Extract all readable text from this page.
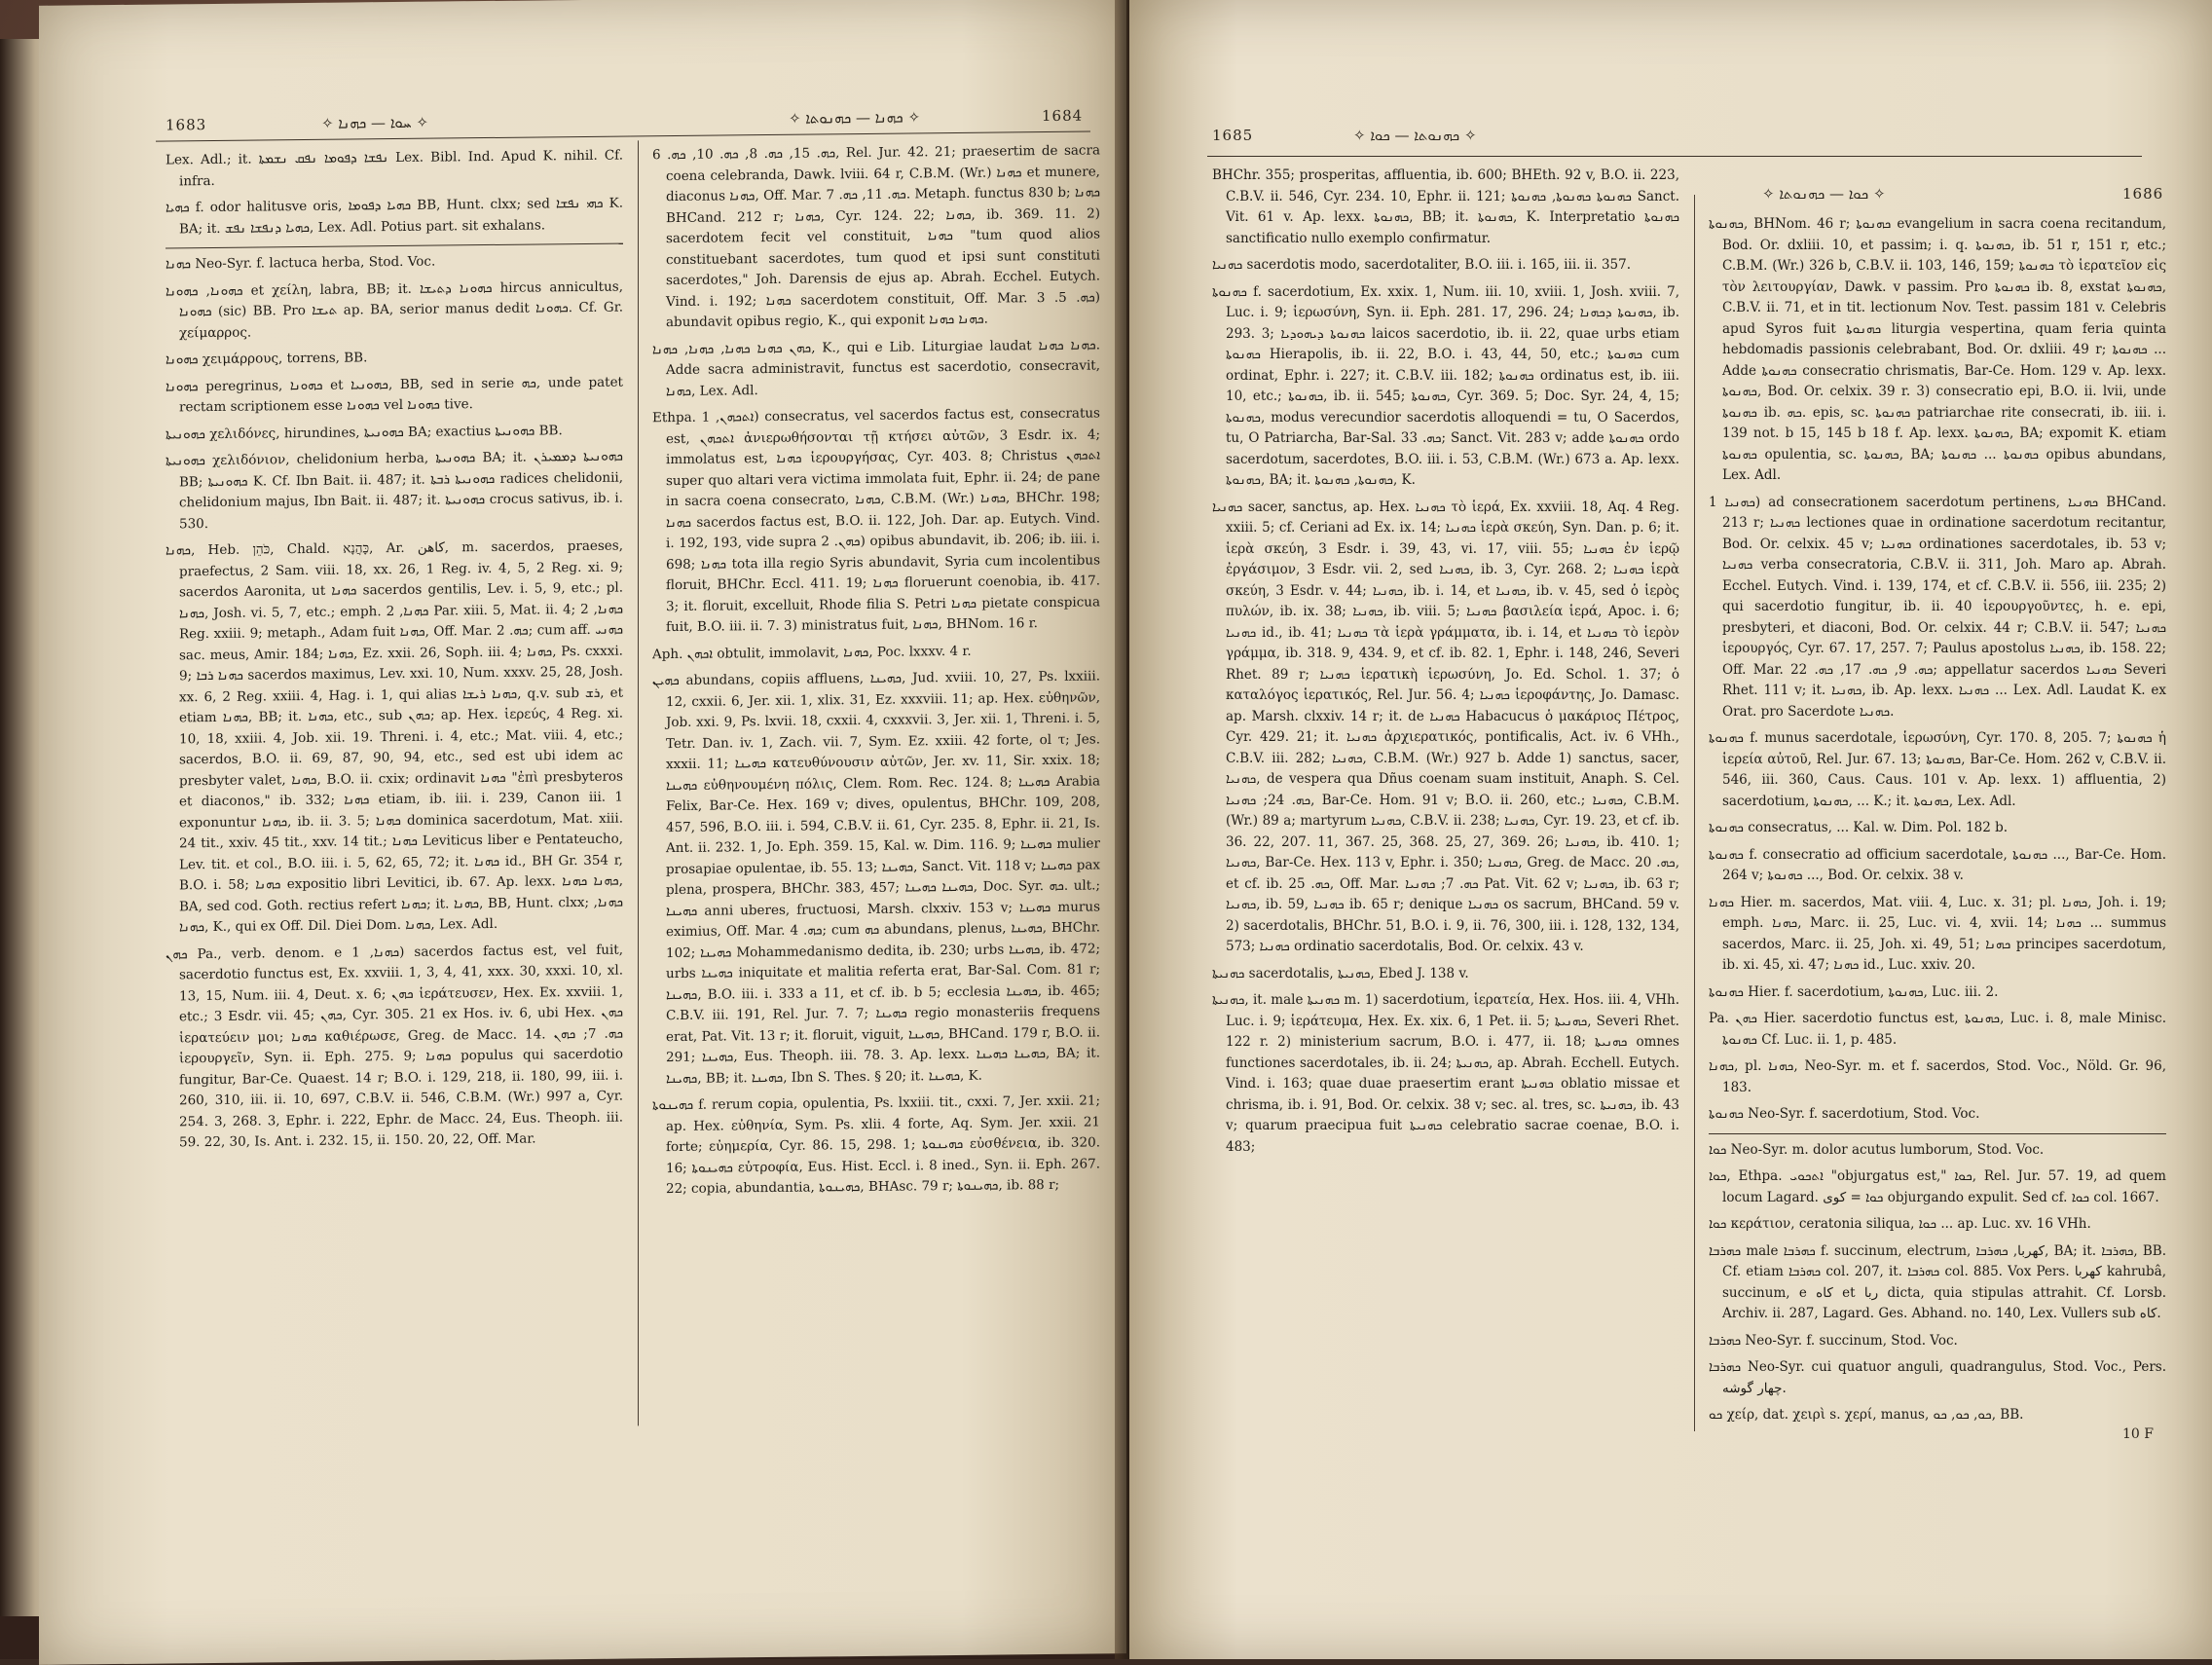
1683	✧ ܚܘܐ — ܟܗܢܐ ✧	✧ ܟܗܢܐ — ܟܗܢܘܬܐ ✧	1684

Lex. Adl.; it. ܢܦܫܐ ܕܦܘܡܐ ܢܦܩ ܢܫܡܬܐ Lex. Bibl. Ind. Apud K. nihil. Cf. infra.

ܟܗܝܐ f. odor halitusve oris, ܟܗܝܐ ܕܦܘܡܐ BB, Hunt. clxx; sed ܟܗܝ ܢܦܫܐ K. BA; it. ܟܗܝܐ ܕܢܦܫܐ ܢܦܫ, Lex. Adl. Potius part. sit exhalans.

ܟܗܢܐ Neo-Syr. f. lactuca herba, Stod. Voc.

ܟܗܘܢܐ, ܟܗܘܢܐ et χείλη, labra, BB; it. ܟܗܘܢܐ ܕܬܝܫܐ hircus annicultus, ܟܗܘܢܐ (sic) BB. Pro ܬܝܫܐ ap. BA, serior manus dedit ܟܗܘܢܐ. Cf. Gr. χείμαρρος.

ܟܗܘܢܐ χειμάρρους, torrens, BB.

ܟܗܘܢܐ peregrinus, ܟܗܘܢܐ et ܟܗܘܢܝܐ, BB, sed in serie ܟܗ, unde patet rectam scriptionem esse ܟܗܘܢܐ vel ܟܗܘܢܐ tive.

ܟܗܘܢܝܬܐ χελιδόνες, hirundines, ܟܗܘܢܝܬܐ BA; exactius ܟܗܘܢܝܬܐ BB.

ܟܗܘܢܝܬܐ χελιδόνιον, chelidonium herba, ܟܗܘܢܝܬܐ BA; it. ܟܗܘܢܝܬܐ ܕܡܡܝܪܢ BB; ܟܗܘܢܝܬܐ K. Cf. Ibn Bait. ii. 487; it. ܟܗܘܢܝܬܐ ܪܒܬܐ radices chelidonii, chelidonium majus, Ibn Bait. ii. 487; it. ܟܗܘܢܝܬܐ crocus sativus, ib. i. 530.

ܟܗܢܐ, Heb. כֹּהֵן, Chald. כָּהֲנָא, Ar. كاهن, m. sacerdos, praeses, praefectus, 2 Sam. viii. 18, xx. 26, 1 Reg. iv. 4, 5, 2 Reg. xi. 9; sacerdos Aaronita, ut ܟܗܢܐ sacerdos gentilis, Lev. i. 5, 9, etc.; pl. ܟܗܢܐ, Josh. vi. 5, 7, etc.; emph. ܟܗܢܐ, 2 Par. xiii. 5, Mat. ii. 4; ܟܗܢܐ, 2 Reg. xxiii. 9; metaph., Adam fuit ܟܗܢܐ, Off. Mar. ܟܗ. 2; cum aff. ܟܗܢܝ sac. meus, Amir. 184; ܟܗܢܐ, Ez. xxii. 26, Soph. iii. 4; ܟܗܢܐ, Ps. cxxxi. 9; ܟܗܢܐ ܪܒܐ sacerdos maximus, Lev. xxi. 10, Num. xxxv. 25, 28, Josh. xx. 6, 2 Reg. xxiii. 4, Hag. i. 1, qui alias ܟܗܢܐ ܪܝܫܐ, q.v. sub ܪܫ, et etiam ܟܗܢܐ, BB; it. ܟܗܢܐ, etc., sub ܟܗܢ; ap. Hex. ἱερεύς, 4 Reg. xi. 10, 18, xxiii. 4, Job. xii. 19. Threni. i. 4, etc.; Mat. viii. 4, etc.; sacerdos, B.O. ii. 69, 87, 90, 94, etc., sed est ubi idem ac presbyter valet, ܟܗܢܐ, B.O. ii. cxix; ordinavit ܟܗܢܐ "ἐπὶ presbyteros et diaconos," ib. 332; ܟܗܢܐ etiam, ib. iii. i. 239, Canon iii. 1 exponuntur ܟܗܢܐ, ib. ii. 3. 5; ܟܗܢܐ dominica sacerdotum, Mat. xiii. 24 tit., xxiv. 45 tit., xxv. 14 tit.; ܟܗܢܐ Leviticus liber e Pentateucho, Lev. tit. et col., B.O. iii. i. 5, 62, 65, 72; it. ܟܗܢܐ id., BH Gr. 354 r, B.O. i. 58; ܟܗܢܐ expositio libri Levitici, ib. 67. Ap. lexx. ܟܗܢܐ ܟܗܢܐ, BA, sed cod. Goth. rectius refert ܟܗܢܐ; it. ܟܗܢܐ, BB, Hunt. clxx; ܟܗܢܐ, ܟܗܢܐ, K., qui ex Off. Dil. Diei Dom. ܟܗܢܐ, Lex. Adl.

ܟܗܢ Pa., verb. denom. e ܟܗܢܐ, 1) sacerdos factus est, vel fuit, sacerdotio functus est, Ex. xxviii. 1, 3, 4, 41, xxx. 30, xxxi. 10, xl. 13, 15, Num. iii. 4, Deut. x. 6; ܟܗܢ ἱεράτευσεν, Hex. Ex. xxviii. 1, etc.; 3 Esdr. vii. 45; ܟܗܢ, Cyr. 305. 21 ex Hos. iv. 6, ubi Hex. ܟܗܢ ἱερατεύειν μοι; ܟܗܢܐ καθιέρωσε, Greg. de Macc. 14. ܟܗ. 7; ܟܗܢ ἱερουργεῖν, Syn. ii. Eph. 275. 9; ܟܗܢܐ populus qui sacerdotio fungitur, Bar-Ce. Quaest. 14 r; B.O. i. 129, 218, ii. 180, 99, iii. i. 260, 310, iii. ii. 10, 697, C.B.V. ii. 546, C.B.M. (Wr.) 997 a, Cyr. 254. 3, 268. 3, Ephr. i. 222, Ephr. de Macc. 24, Eus. Theoph. iii. 59. 22, 30, Is. Ant. i. 232. 15, ii. 150. 20, 22, Off. Mar.

ܟܗ. 15, ܟܗ. 8, ܟܗ. 10, ܟܗ. 6, Rel. Jur. 42. 21; praesertim de sacra coena celebranda, Dawk. lviii. 64 r, C.B.M. (Wr.) ܟܗܢܐ et munere, diaconus ܟܗܢܐ, Off. Mar. ܟܗ. 11, ܟܗ. 7. Metaph. functus 830 b; ܟܗܢܐ BHCand. 212 r; ܟܗܢܐ, Cyr. 124. 22; ܟܗܢܐ, ib. 369. 11. 2) sacerdotem fecit vel constituit, ܟܗܢܐ "tum quod alios constituebant sacerdotes, tum quod et ipsi sunt constituti sacerdotes," Joh. Darensis de ejus ap. Abrah. Ecchel. Eutych. Vind. i. 192; ܟܗܢܐ sacerdotem constituit, Off. Mar. ܟܗ. 5. 3) abundavit opibus regio, K., qui exponit ܟܗܢܐ ܟܗܢܐ.

ܟܗܢ ܟܗܢܐ ܟܗܢܐ, ܟܗܢܐ, ܟܗܢܐ, K., qui e Lib. Liturgiae laudat ܟܗܢܐ ܟܗܢܐ. Adde sacra administravit, functus est sacerdotio, consecravit, ܟܗܢܐ, Lex. Adl.

Ethpa. ܐܬܟܗܢ, 1) consecratus, vel sacerdos factus est, consecratus est, ܐܬܟܗܢ ἀνιερωθήσονται τῇ κτήσει αὐτῶν, 3 Esdr. ix. 4; immolatus est, ܟܗܢܐ ἱερουργήσας, Cyr. 403. 8; Christus ܐܬܟܗܢ super quo altari vera victima immolata fuit, Ephr. ii. 24; de pane in sacra coena consecrato, ܟܗܢܐ, C.B.M. (Wr.) ܟܗܢܐ, BHChr. 198; ܟܗܢܐ sacerdos factus est, B.O. ii. 122, Joh. Dar. ap. Eutych. Vind. i. 192, 193, vide supra ܟܗܢ. 2) opibus abundavit, ib. 206; ib. iii. i. 698; ܟܗܢܐ tota illa regio Syris abundavit, Syria cum incolentibus floruit, BHChr. Eccl. 411. 19; ܟܗܢܐ floruerunt coenobia, ib. 417. 3; it. floruit, excelluit, Rhode filia S. Petri ܟܗܢܐ pietate conspicua fuit, B.O. iii. ii. 7. 3) ministratus fuit, ܟܗܢܐ, BHNom. 16 r.

Aph. ܐܟܗܢ obtulit, immolavit, ܟܗܢܐ, Poc. lxxxv. 4 r.

ܟܗܝܢ abundans, copiis affluens, ܟܗܝܢܐ, Jud. xviii. 10, 27, Ps. lxxiii. 12, cxxii. 6, Jer. xii. 1, xlix. 31, Ez. xxxviii. 11; ap. Hex. εὐθηνῶν, Job. xxi. 9, Ps. lxvii. 18, cxxii. 4, cxxxvii. 3, Jer. xii. 1, Threni. i. 5, Tetr. Dan. iv. 1, Zach. vii. 7, Sym. Ez. xxiii. 42 forte, ol τ; Jes. xxxii. 11; ܟܗܝܢܐ κατευθύνουσιν αὐτῶν, Jer. xv. 11, Sir. xxix. 18; ܟܗܝܢܐ εὐθηνουμένη πόλις, Clem. Rom. Rec. 124. 8; ܟܗܝܢܐ Arabia Felix, Bar-Ce. Hex. 169 v; dives, opulentus, BHChr. 109, 208, 457, 596, B.O. iii. i. 594, C.B.V. ii. 61, Cyr. 235. 8, Ephr. ii. 21, Is. Ant. ii. 232. 1, Jo. Eph. 359. 15, Kal. w. Dim. 116. 9; ܟܗܝܢܐ mulier prosapiae opulentae, ib. 55. 13; ܟܗܝܢܐ, Sanct. Vit. 118 v; ܟܗܝܢܐ pax plena, prospera, BHChr. 383, 457; ܟܗܝܢܐ ܟܗܝܢܐ, Doc. Syr. ܟܗ. ult.; ܟܗܝܢܐ anni uberes, fructuosi, Marsh. clxxiv. 153 v; ܟܗܝܢܐ murus eximius, Off. Mar. ܟܗ. 4; cum ܟܗ abundans, plenus, ܟܗܝܢܐ, BHChr. 102; ܟܗܝܢܐ Mohammedanismo dedita, ib. 230; urbs ܟܗܝܢܐ, ib. 472; urbs ܟܗܝܢܐ iniquitate et malitia referta erat, Bar-Sal. Com. 81 r; ܟܗܝܢܐ, B.O. iii. i. 333 a 11, et cf. ib. b 5; ecclesia ܟܗܝܢܐ, ib. 465; C.B.V. iii. 191, Rel. Jur. 7. 7; ܟܗܝܢܐ regio monasteriis frequens erat, Pat. Vit. 13 r; it. floruit, viguit, ܟܗܝܢܐ, BHCand. 179 r, B.O. ii. 291; ܟܗܝܢܐ, Eus. Theoph. iii. 78. 3. Ap. lexx. ܟܗܝܢܐ ܟܗܝܢܐ, BA; it. ܟܗܝܢܐ, BB; it. ܟܗܝܢܐ, Ibn S. Thes. § 20; it. ܟܗܝܢܐ, K.

ܟܗܝܢܘܬܐ f. rerum copia, opulentia, Ps. lxxiii. tit., cxxi. 7, Jer. xxii. 21; ap. Hex. εὐθηνία, Sym. Ps. xlii. 4 forte, Aq. Sym. Jer. xxii. 21 forte; εὐημερία, Cyr. 86. 15, 298. 1; ܟܗܝܢܘܬܐ εὐσθένεια, ib. 320. 16; ܟܗܝܢܘܬܐ εὐτροφία, Eus. Hist. Eccl. i. 8 ined., Syn. ii. Eph. 267. 22; copia, abundantia, ܟܗܝܢܘܬܐ, BHAsc. 79 r; ܟܗܝܢܘܬܐ, ib. 88 r;

1685	✧ ܟܗܢܘܬܐ — ܟܘܐ ✧
✧ ܟܘܐ — ܟܗܢܘܬܐ ✧	1686

BHChr. 355; prosperitas, affluentia, ib. 600; BHEth. 92 v, B.O. ii. 223, C.B.V. ii. 546, Cyr. 234. 10, Ephr. ii. 121; ܟܗܢܘܬܐ ܟܗܢܘܬܐ, ܟܗܢܘܬܐ Sanct. Vit. 61 v. Ap. lexx. ܟܗܢܘܬܐ, BB; it. ܟܗܢܘܬܐ, K. Interpretatio ܟܗܢܘܬܐ sanctificatio nullo exemplo confirmatur.

ܟܗܢܝܐ sacerdotis modo, sacerdotaliter, B.O. iii. i. 165, iii. ii. 357.

ܟܗܢܘܬܐ f. sacerdotium, Ex. xxix. 1, Num. iii. 10, xviii. 1, Josh. xviii. 7, Luc. i. 9; ἱερωσύνη, Syn. ii. Eph. 281. 17, 296. 24; ܟܗܢܘܬܐ ܕܟܗܢܐ, ib. 293. 3; ܟܗܢܘܬܐ ܕܝܗܘܕܝܐ laicos sacerdotio, ib. ii. 22, quae urbs etiam ܟܗܢܘܬܐ Hierapolis, ib. ii. 22, B.O. i. 43, 44, 50, etc.; ܟܗܢܘܬܐ cum ordinat, Ephr. i. 227; it. C.B.V. iii. 182; ܟܗܢܘܬܐ ordinatus est, ib. iii. 10, etc.; ܟܗܢܘܬܐ, ib. ii. 545; ܟܗܢܘܬܐ, Cyr. 369. 5; Doc. Syr. 24, 4, 15; ܟܗܢܘܬܐ, modus verecundior sacerdotis alloquendi = tu, O Sacerdos, tu, O Patriarcha, Bar-Sal. ܟܗ. 33; Sanct. Vit. 283 v; adde ܟܗܢܘܬܐ ordo sacerdotum, sacerdotes, B.O. iii. i. 53, C.B.M. (Wr.) 673 a. Ap. lexx. ܟܗܢܘܬܐ, BA; it. ܟܗܢܘܬܐ, ܟܗܢܘܬܐ, K.

ܟܗܢܝܐ sacer, sanctus, ap. Hex. ܟܗܢܝܐ τὸ ἱερά, Ex. xxviii. 18, Aq. 4 Reg. xxiii. 5; cf. Ceriani ad Ex. ix. 14; ܟܗܢܝܐ ἱερὰ σκεύη, Syn. Dan. p. 6; it. ἱερὰ σκεύη, 3 Esdr. i. 39, 43, vi. 17, viii. 55; ܟܗܢܝܐ ἐν ἱερῷ ἐργάσιμον, 3 Esdr. vii. 2, sed ܟܗܢܝܐ, ib. 3, Cyr. 268. 2; ܟܗܢܝܐ ἱερὰ σκεύη, 3 Esdr. v. 44; ܟܗܢܝܐ, ib. i. 14, et ܟܗܢܝܐ, ib. v. 45, sed ὁ ἱερὸς πυλών, ib. ix. 38; ܟܗܢܝܐ, ib. viii. 5; ܟܗܢܝܐ βασιλεία ἱερά, Apoc. i. 6; ܟܗܢܝܐ id., ib. 41; ܟܗܢܝܐ τὰ ἱερὰ γράμματα, ib. i. 14, et ܟܗܢܝܐ τὸ ἱερὸν γράμμα, ib. 318. 9, 434. 9, et cf. ib. 82. 1, Ephr. i. 148, 246, Severi Rhet. 89 r; ܟܗܢܝܐ ἱερατικὴ ἱερωσύνη, Jo. Ed. Schol. 1. 37; ὁ καταλόγος ἱερατικός, Rel. Jur. 56. 4; ܟܗܢܝܐ ἱεροφάντης, Jo. Damasc. ap. Marsh. clxxiv. 14 r; it. de ܟܗܢܝܐ Habacucus ὁ μακάριος Πέτρος, Cyr. 429. 21; it. ܟܗܢܝܐ ἀρχιερατικός, pontificalis, Act. iv. 6 VHh., C.B.V. iii. 282; ܟܗܢܝܐ, C.B.M. (Wr.) 927 b. Adde 1) sanctus, sacer, ܟܗܢܝܐ, de vespera qua Dñus coenam suam instituit, Anaph. S. Cel. ܟܗ. 24; ܟܗܢܝܐ, Bar-Ce. Hom. 91 v; B.O. ii. 260, etc.; ܟܗܢܝܐ, C.B.M. (Wr.) 89 a; martyrum ܟܗܢܝܐ, C.B.V. ii. 238; ܟܗܢܝܐ, Cyr. 19. 23, et cf. ib. 36. 22, 207. 11, 367. 25, 368. 25, 27, 369. 26; ܟܗܢܝܐ, ib. 410. 1; ܟܗܢܝܐ, Bar-Ce. Hex. 113 v, Ephr. i. 350; ܟܗܢܝܐ, Greg. de Macc. ܟܗ. 20, et cf. ib. ܟܗ. 25, Off. Mar. ܟܗ. 7; ܟܗܢܝܐ Pat. Vit. 62 v; ܟܗܢܝܐ, ib. 63 r; ܟܗܢܝܐ, ib. 59, ܟܗܢܝܐ ib. 65 r; denique ܟܗܢܝܐ os sacrum, BHCand. 59 v. 2) sacerdotalis, BHChr. 51, B.O. i. 9, ii. 76, 300, iii. i. 128, 132, 134, 573; ܟܗܢܝܐ ordinatio sacerdotalis, Bod. Or. celxix. 43 v.

ܟܗܢܝܬܐ sacerdotalis, ܟܗܢܝܬܐ, Ebed J. 138 v.

ܟܗܢܝܬܐ, it. male ܟܗܢܝܬܐ m. 1) sacerdotium, ἱερατεία, Hex. Hos. iii. 4, VHh. Luc. i. 9; ἱεράτευμα, Hex. Ex. xix. 6, 1 Pet. ii. 5; ܟܗܢܝܬܐ, Severi Rhet. 122 r. 2) ministerium sacrum, B.O. i. 477, ii. 18; ܟܗܢܝܬܐ omnes functiones sacerdotales, ib. ii. 24; ܟܗܢܝܬܐ, ap. Abrah. Ecchell. Eutych. Vind. i. 163; quae duae praesertim erant ܟܗܢܝܬܐ oblatio missae et chrisma, ib. i. 91, Bod. Or. celxix. 38 v; sec. al. tres, sc. ܟܗܢܝܬܐ, ib. 43 v; quarum praecipua fuit ܟܗܢܝܬܐ celebratio sacrae coenae, B.O. i. 483;

ܟܗܢܘܬܐ, BHNom. 46 r; ܟܗܢܘܬܐ evangelium in sacra coena recitandum, Bod. Or. dxliii. 10, et passim; i. q. ܟܗܢܘܬܐ, ib. 51 r, 151 r, etc.; C.B.M. (Wr.) 326 b, C.B.V. ii. 103, 146, 159; ܟܗܢܘܬܐ τὸ ἱερατεῖον εἰς τὸν λειτουργίαν, Dawk. v passim. Pro ܟܗܢܘܬܐ ib. 8, exstat ܟܗܢܘܬܐ, C.B.V. ii. 71, et in tit. lectionum Nov. Test. passim 181 v. Celebris apud Syros fuit ܟܗܢܘܬܐ liturgia vespertina, quam feria quinta hebdomadis passionis celebrabant, Bod. Or. dxliii. 49 r; ܟܗܢܘܬܐ ... Adde ܟܗܢܘܬܐ consecratio chrismatis, Bar-Ce. Hom. 129 v. Ap. lexx. ܟܗܢܘܬܐ, Bod. Or. celxix. 39 r. 3) consecratio epi, B.O. ii. lvii, unde ܟܗܢܘܬܐ ib. ܟܗ. epis, sc. ܟܗܢܘܬܐ patriarchae rite consecrati, ib. iii. i. 139 not. b 15, 145 b 18 f. Ap. lexx. ܟܗܢܘܬܐ, BA; expomit K. etiam ܟܗܢܘܬܐ opulentia, sc. ܟܗܢܘܬܐ, BA; ܟܗܢܘܬܐ ... ܟܗܢܘܬܐ opibus abundans, Lex. Adl.

ܟܗܢܝܐ 1) ad consecrationem sacerdotum pertinens, ܟܗܢܝܐ BHCand. 213 r; ܟܗܢܝܐ lectiones quae in ordinatione sacerdotum recitantur, Bod. Or. celxix. 45 v; ܟܗܢܝܐ ordinationes sacerdotales, ib. 53 v; ܟܗܢܝܐ verba consecratoria, C.B.V. ii. 311, Joh. Maro ap. Abrah. Ecchel. Eutych. Vind. i. 139, 174, et cf. C.B.V. ii. 556, iii. 235; 2) qui sacerdotio fungitur, ib. ii. 40 ἱερουργοῦντες, h. e. epi, presbyteri, et diaconi, Bod. Or. celxix. 44 r; C.B.V. ii. 547; ܟܗܢܝܐ ἱερουργός, Cyr. 67. 17, 257. 7; Paulus apostolus ܟܗܢܝܐ, ib. 158. 22; Off. Mar. ܟܗ. 9, ܟܗ. 17, ܟܗ. 22; appellatur sacerdos ܟܗܢܝܐ Severi Rhet. 111 v; it. ܟܗܢܝܐ, ib. Ap. lexx. ܟܗܢܝܐ ... Lex. Adl. Laudat K. ex Orat. pro Sacerdote ܟܗܢܝܐ.

ܟܗܢܘܬܐ f. munus sacerdotale, ἱερωσύνη, Cyr. 170. 8, 205. 7; ܟܗܢܘܬܐ ἡ ἱερεία αὐτοῦ, Rel. Jur. 67. 13; ܟܗܢܘܬܐ, Bar-Ce. Hom. 262 v, C.B.V. ii. 546, iii. 360, Caus. Caus. 101 v. Ap. lexx. 1) affluentia, 2) sacerdotium, ܟܗܢܘܬܐ, ... K.; it. ܟܗܢܘܬܐ, Lex. Adl.

ܟܗܢܘܬܐ consecratus, ... Kal. w. Dim. Pol. 182 b.

ܟܗܢܘܬܐ f. consecratio ad officium sacerdotale, ܟܗܢܘܬܐ ..., Bar-Ce. Hom. 264 v; ܟܗܢܘܬܐ ..., Bod. Or. celxix. 38 v.

ܟܗܢܐ Hier. m. sacerdos, Mat. viii. 4, Luc. x. 31; pl. ܟܗܢܐ, Joh. i. 19; emph. ܟܗܢܐ, Marc. ii. 25, Luc. vi. 4, xvii. 14; ܟܗܢܐ ... summus sacerdos, Marc. ii. 25, Joh. xi. 49, 51; ܟܗܢܐ principes sacerdotum, ib. xi. 45, xi. 47; ܟܗܢܐ id., Luc. xxiv. 20.

ܟܗܢܘܬܐ Hier. f. sacerdotium, ܟܗܢܘܬܐ, Luc. iii. 2.

Pa. ܟܗܢ Hier. sacerdotio functus est, ܟܗܢܘܬܐ, Luc. i. 8, male Minisc. ܟܗܢܘܬܐ Cf. Luc. ii. 1, p. 485.

ܟܗܢܐ, pl. ܟܗܢܐ, Neo-Syr. m. et f. sacerdos, Stod. Voc., Nöld. Gr. 96, 183.

ܟܗܢܘܬܐ Neo-Syr. f. sacerdotium, Stod. Voc.

ܟܘܐ Neo-Syr. m. dolor acutus lumborum, Stod. Voc.

ܟܘܐ, Ethpa. ܐܬܟܘܝ "objurgatus est," ܟܘܐ, Rel. Jur. 57. 19, ad quem locum Lagard. ܟܘܐ = كوى objurgando expulit. Sed cf. ܟܘܐ col. 1667.

ܟܘܐ κεράτιον, ceratonia siliqua, ܟܘܐ ... ap. Luc. xv. 16 VHh.

ܟܗܪܒܐ male ܟܗܪܒܐ f. succinum, electrum, كهربا, ܟܗܪܒܐ, BA; it. ܟܗܪܒܐ, BB. Cf. etiam ܟܗܪܒܐ col. 207, it. ܟܗܪܒܐ col. 885. Vox Pers. كهربا kahrubâ, succinum, e كاه et ربا dicta, quia stipulas attrahit. Cf. Lorsb. Archiv. ii. 287, Lagard. Ges. Abhand. no. 140, Lex. Vullers sub كاه.

ܟܗܪܒܐ Neo-Syr. f. succinum, Stod. Voc.

ܟܗܪܒܐ Neo-Syr. cui quatuor anguli, quadrangulus, Stod. Voc., Pers. چهار گوشه.

ܟܘ χείρ, dat. χειρὶ s. χερί, manus, ܟܘ, ܟܘ, ܟܘ, BB.

10 F
